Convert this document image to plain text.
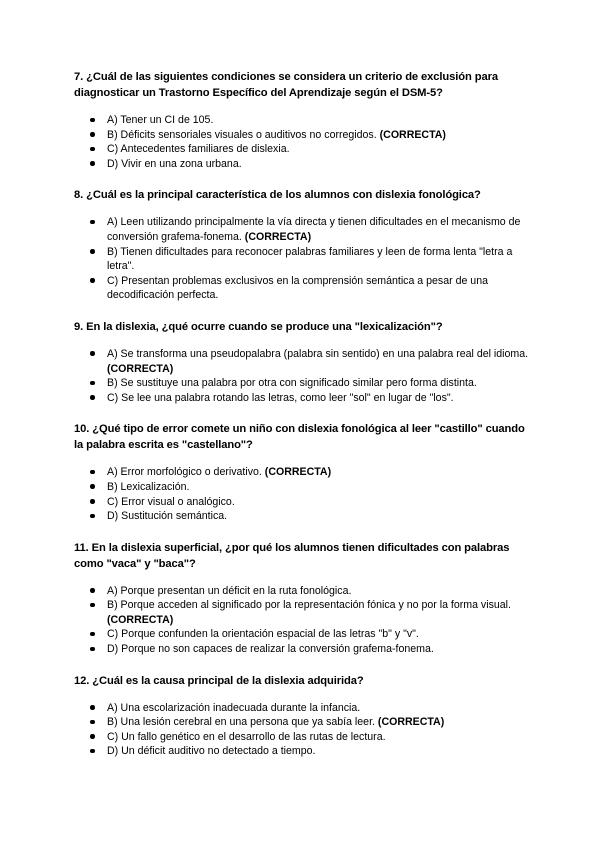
7. ¿Cuál de las siguientes condiciones se considera un criterio de exclusión para diagnosticar un Trastorno Específico del Aprendizaje según el DSM-5?
A) Tener un CI de 105.
B) Déficits sensoriales visuales o auditivos no corregidos. (CORRECTA)
C) Antecedentes familiares de dislexia.
D) Vivir en una zona urbana.
8. ¿Cuál es la principal característica de los alumnos con dislexia fonológica?
A) Leen utilizando principalmente la vía directa y tienen dificultades en el mecanismo de conversión grafema-fonema. (CORRECTA)
B) Tienen dificultades para reconocer palabras familiares y leen de forma lenta "letra a letra".
C) Presentan problemas exclusivos en la comprensión semántica a pesar de una decodificación perfecta.
9. En la dislexia, ¿qué ocurre cuando se produce una "lexicalización"?
A) Se transforma una pseudopalabra (palabra sin sentido) en una palabra real del idioma. (CORRECTA)
B) Se sustituye una palabra por otra con significado similar pero forma distinta.
C) Se lee una palabra rotando las letras, como leer "sol" en lugar de "los".
10. ¿Qué tipo de error comete un niño con dislexia fonológica al leer "castillo" cuando la palabra escrita es "castellano"?
A) Error morfológico o derivativo. (CORRECTA)
B) Lexicalización.
C) Error visual o analógico.
D) Sustitución semántica.
11. En la dislexia superficial, ¿por qué los alumnos tienen dificultades con palabras como "vaca" y "baca"?
A) Porque presentan un déficit en la ruta fonológica.
B) Porque acceden al significado por la representación fónica y no por la forma visual. (CORRECTA)
C) Porque confunden la orientación espacial de las letras "b" y "v".
D) Porque no son capaces de realizar la conversión grafema-fonema.
12. ¿Cuál es la causa principal de la dislexia adquirida?
A) Una escolarización inadecuada durante la infancia.
B) Una lesión cerebral en una persona que ya sabía leer. (CORRECTA)
C) Un fallo genético en el desarrollo de las rutas de lectura.
D) Un déficit auditivo no detectado a tiempo.
